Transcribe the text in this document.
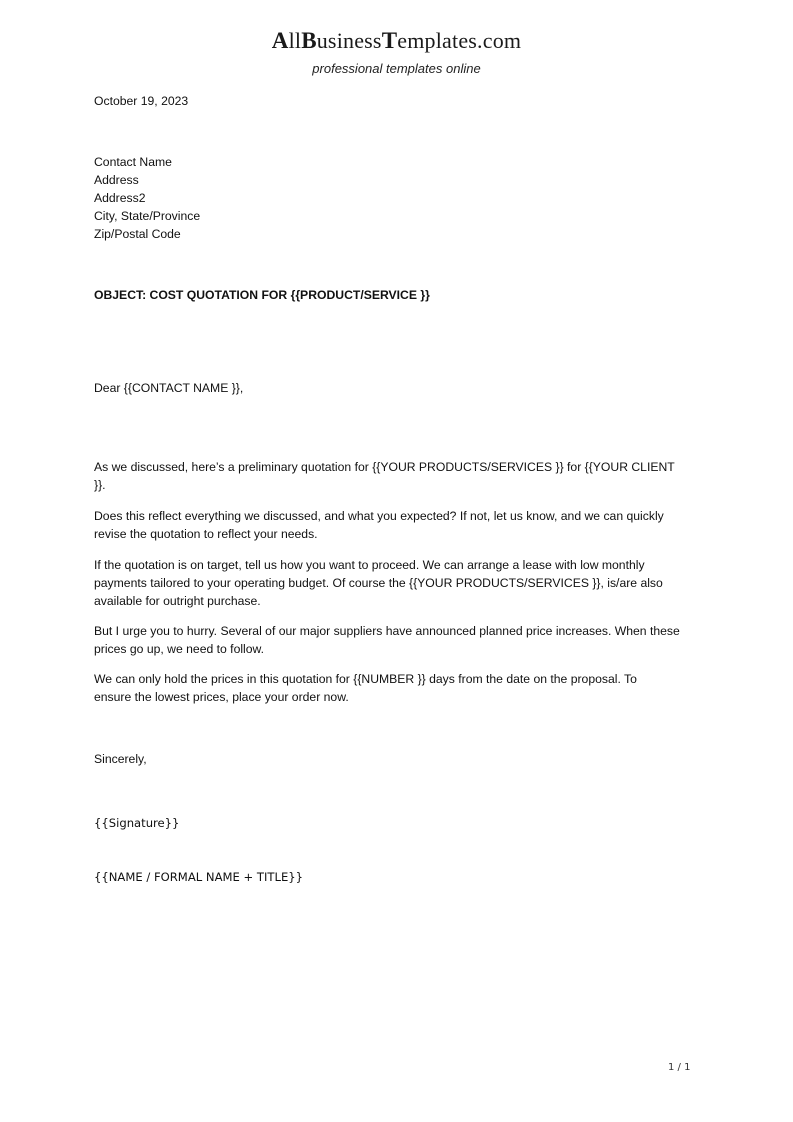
AllBusinessTemplates.com
professional templates online
October 19, 2023
Contact Name
Address
Address2
City, State/Province
Zip/Postal Code
OBJECT: COST QUOTATION FOR {{PRODUCT/SERVICE }}
Dear {{CONTACT NAME }},
As we discussed, here’s a preliminary quotation for {{YOUR PRODUCTS/SERVICES }} for {{YOUR CLIENT }}.
Does this reflect everything we discussed, and what you expected? If not, let us know, and we can quickly revise the quotation to reflect your needs.
If the quotation is on target, tell us how you want to proceed. We can arrange a lease with low monthly payments tailored to your operating budget. Of course the {{YOUR PRODUCTS/SERVICES }}, is/are also available for outright purchase.
But I urge you to hurry. Several of our major suppliers have announced planned price increases. When these prices go up, we need to follow.
We can only hold the prices in this quotation for {{NUMBER }} days from the date on the proposal. To ensure the lowest prices, place your order now.
Sincerely,
{{Signature}}
{{NAME / FORMAL NAME + TITLE}}
1 / 1
